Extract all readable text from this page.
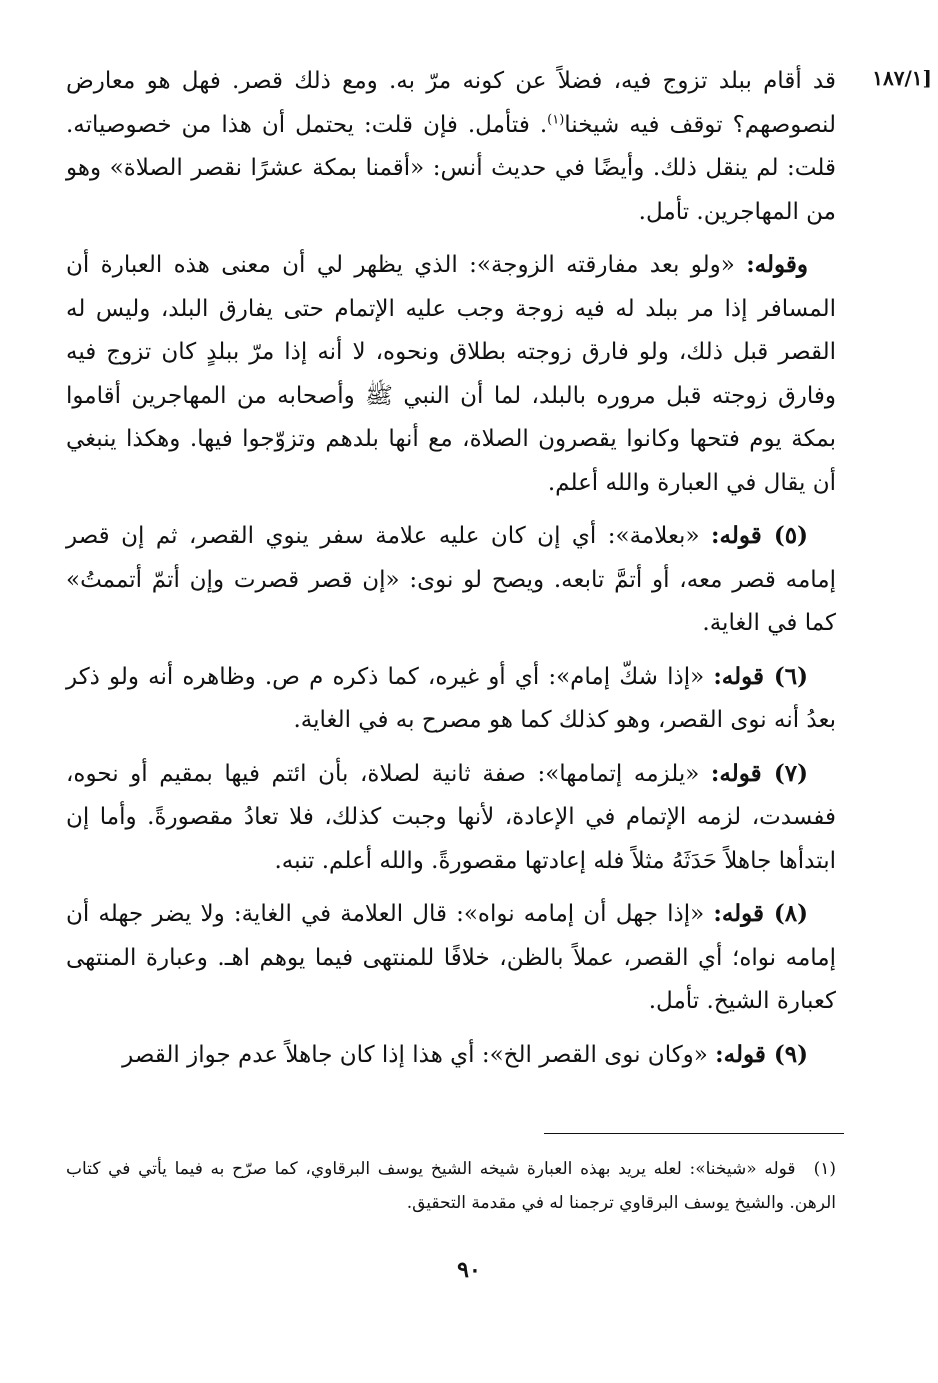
[١٨٧/١

قد أقام ببلد تزوج فيه، فضلاً عن كونه مرّ به. ومع ذلك قصر. فهل هو معارض لنصوصهم؟ توقف فيه شيخنا$^{(١)}$. فتأمل. فإن قلت: يحتمل أن هذا من خصوصياته. قلت: لم ينقل ذلك. وأيضًا في حديث أنس: «أقمنا بمكة عشرًا نقصر الصلاة» وهو من المهاجرين. تأمل.

وقوله: «ولو بعد مفارقته الزوجة»: الذي يظهر لي أن معنى هذه العبارة أن المسافر إذا مر ببلد له فيه زوجة وجب عليه الإتمام حتى يفارق البلد، وليس له القصر قبل ذلك، ولو فارق زوجته بطلاق ونحوه، لا أنه إذا مرّ ببلدٍ كان تزوج فيه وفارق زوجته قبل مروره بالبلد، لما أن النبي ﷺ وأصحابه من المهاجرين أقاموا بمكة يوم فتحها وكانوا يقصرون الصلاة، مع أنها بلدهم وتزوّجوا فيها. وهكذا ينبغي أن يقال في العبارة والله أعلم.

(٥) قوله: «بعلامة»: أي إن كان عليه علامة سفر ينوي القصر، ثم إن قصر إمامه قصر معه، أو أتمَّ تابعه. ويصح لو نوى: «إن قصر قصرت وإن أتمّ أتممتُ» كما في الغاية.

(٦) قوله: «إذا شكّ إمام»: أي أو غيره، كما ذكره م ص. وظاهره أنه ولو ذكر بعدُ أنه نوى القصر، وهو كذلك كما هو مصرح به في الغاية.

(٧) قوله: «يلزمه إتمامها»: صفة ثانية لصلاة، بأن ائتم فيها بمقيم أو نحوه، ففسدت، لزمه الإتمام في الإعادة، لأنها وجبت كذلك، فلا تعادُ مقصورةً. وأما إن ابتدأها جاهلاً حَدَثَهُ مثلاً فله إعادتها مقصورةً. والله أعلم. تنبه.

(٨) قوله: «إذا جهل أن إمامه نواه»: قال العلامة في الغاية: ولا يضر جهله أن إمامه نواه؛ أي القصر، عملاً بالظن، خلافًا للمنتهى فيما يوهم اهـ. وعبارة المنتهى كعبارة الشيخ. تأمل.

(٩) قوله: «وكان نوى القصر الخ»: أي هذا إذا كان جاهلاً عدم جواز القصر

(١)قوله «شيخنا»: لعله يريد بهذه العبارة شيخه الشيخ يوسف البرقاوي، كما صرّح به فيما يأتي في كتاب الرهن. والشيخ يوسف البرقاوي ترجمنا له في مقدمة التحقيق.
٩٠
